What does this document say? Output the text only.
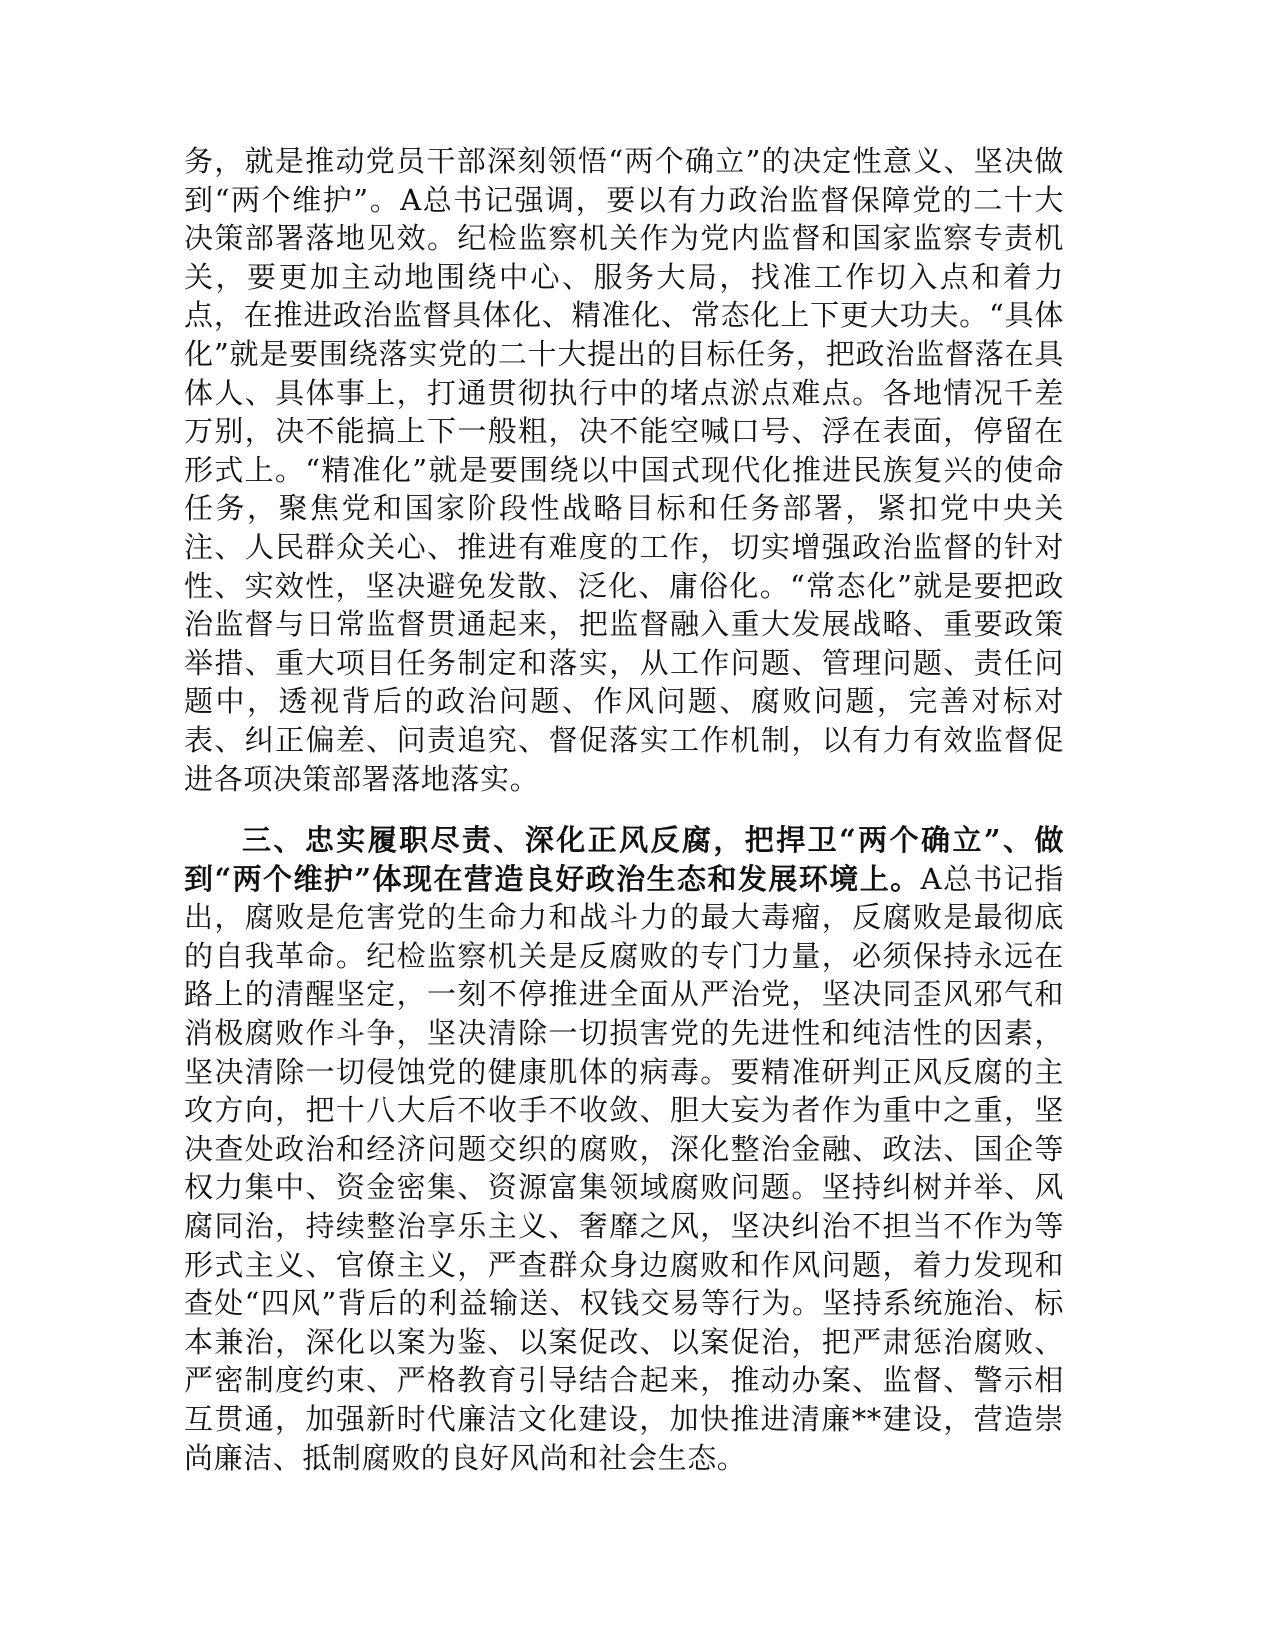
务，就是推动党员干部深刻领悟“两个确立”的决定性意义、坚决做到“两个维护”。A总书记强调，要以有力政治监督保障党的二十大决策部署落地见效。纪检监察机关作为党内监督和国家监察专责机关，要更加主动地围绕中心、服务大局，找准工作切入点和着力点，在推进政治监督具体化、精准化、常态化上下更大功夫。“具体化”就是要围绕落实党的二十大提出的目标任务，把政治监督落在具体人、具体事上，打通贯彻执行中的堵点淤点难点。各地情况千差万别，决不能搞上下一般粗，决不能空喊口号、浮在表面，停留在形式上。“精准化”就是要围绕以中国式现代化推进民族复兴的使命任务，聚焦党和国家阶段性战略目标和任务部署，紧扣党中央关注、人民群众关心、推进有难度的工作，切实增强政治监督的针对性、实效性，坚决避免发散、泛化、庸俗化。“常态化”就是要把政治监督与日常监督贯通起来，把监督融入重大发展战略、重要政策举措、重大项目任务制定和落实，从工作问题、管理问题、责任问题中，透视背后的政治问题、作风问题、腐败问题，完善对标对表、纠正偏差、问责追究、督促落实工作机制，以有力有效监督促进各项决策部署落地落实。

三、忠实履职尽责、深化正风反腐，把捍卫“两个确立”、做到“两个维护”体现在营造良好政治生态和发展环境上。A总书记指出，腐败是危害党的生命力和战斗力的最大毒瘤，反腐败是最彻底的自我革命。纪检监察机关是反腐败的专门力量，必须保持永远在路上的清醒坚定，一刻不停推进全面从严治党，坚决同歪风邪气和消极腐败作斗争，坚决清除一切损害党的先进性和纯洁性的因素，坚决清除一切侵蚀党的健康肌体的病毒。要精准研判正风反腐的主攻方向，把十八大后不收手不收敛、胆大妄为者作为重中之重，坚决查处政治和经济问题交织的腐败，深化整治金融、政法、国企等权力集中、资金密集、资源富集领域腐败问题。坚持纠树并举、风腐同治，持续整治享乐主义、奢靡之风，坚决纠治不担当不作为等形式主义、官僚主义，严查群众身边腐败和作风问题，着力发现和查处“四风”背后的利益输送、权钱交易等行为。坚持系统施治、标本兼治，深化以案为鉴、以案促改、以案促治，把严肃惩治腐败、严密制度约束、严格教育引导结合起来，推动办案、监督、警示相互贯通，加强新时代廉洁文化建设，加快推进清廉**建设，营造崇尚廉洁、抵制腐败的良好风尚和社会生态。
